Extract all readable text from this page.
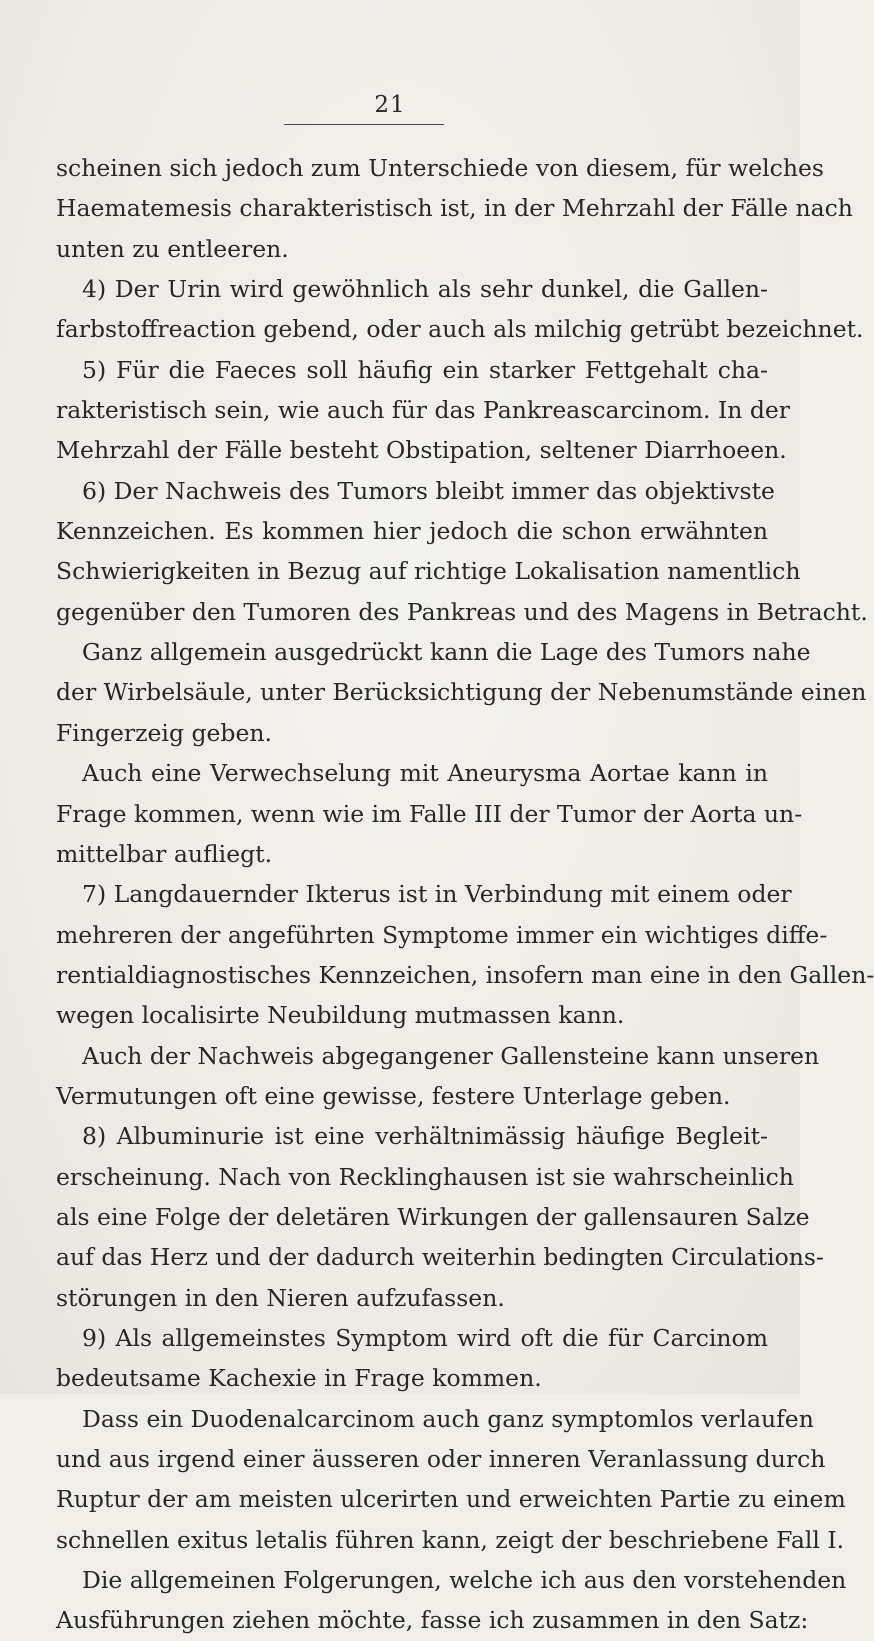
21
scheinen sich jedoch zum Unterschiede von diesem, für welches
Haematemesis charakteristisch ist, in der Mehrzahl der Fälle nach
unten zu entleeren.
4) Der Urin wird gewöhnlich als sehr dunkel, die Gallen-
farbstoffreaction gebend, oder auch als milchig getrübt bezeichnet.
5) Für die Faeces soll häufig ein starker Fettgehalt cha-
rakteristisch sein, wie auch für das Pankreascarcinom. In der
Mehrzahl der Fälle besteht Obstipation, seltener Diarrhoeen.
6) Der Nachweis des Tumors bleibt immer das objektivste
Kennzeichen. Es kommen hier jedoch die schon erwähnten
Schwierigkeiten in Bezug auf richtige Lokalisation namentlich
gegenüber den Tumoren des Pankreas und des Magens in Betracht.
Ganz allgemein ausgedrückt kann die Lage des Tumors nahe
der Wirbelsäule, unter Berücksichtigung der Nebenumstände einen
Fingerzeig geben.
Auch eine Verwechselung mit Aneurysma Aortae kann in
Frage kommen, wenn wie im Falle III der Tumor der Aorta un-
mittelbar aufliegt.
7) Langdauernder Ikterus ist in Verbindung mit einem oder
mehreren der angeführten Symptome immer ein wichtiges diffe-
rentialdiagnostisches Kennzeichen, insofern man eine in den Gallen-
wegen localisirte Neubildung mutmassen kann.
Auch der Nachweis abgegangener Gallensteine kann unseren
Vermutungen oft eine gewisse, festere Unterlage geben.
8) Albuminurie ist eine verhältnimässig häufige Begleit-
erscheinung. Nach von Recklinghausen ist sie wahrscheinlich
als eine Folge der deletären Wirkungen der gallensauren Salze
auf das Herz und der dadurch weiterhin bedingten Circulations-
störungen in den Nieren aufzufassen.
9) Als allgemeinstes Symptom wird oft die für Carcinom
bedeutsame Kachexie in Frage kommen.
Dass ein Duodenalcarcinom auch ganz symptomlos verlaufen
und aus irgend einer äusseren oder inneren Veranlassung durch
Ruptur der am meisten ulcerirten und erweichten Partie zu einem
schnellen exitus letalis führen kann, zeigt der beschriebene Fall I.
Die allgemeinen Folgerungen, welche ich aus den vorstehenden
Ausführungen ziehen möchte, fasse ich zusammen in den Satz:
